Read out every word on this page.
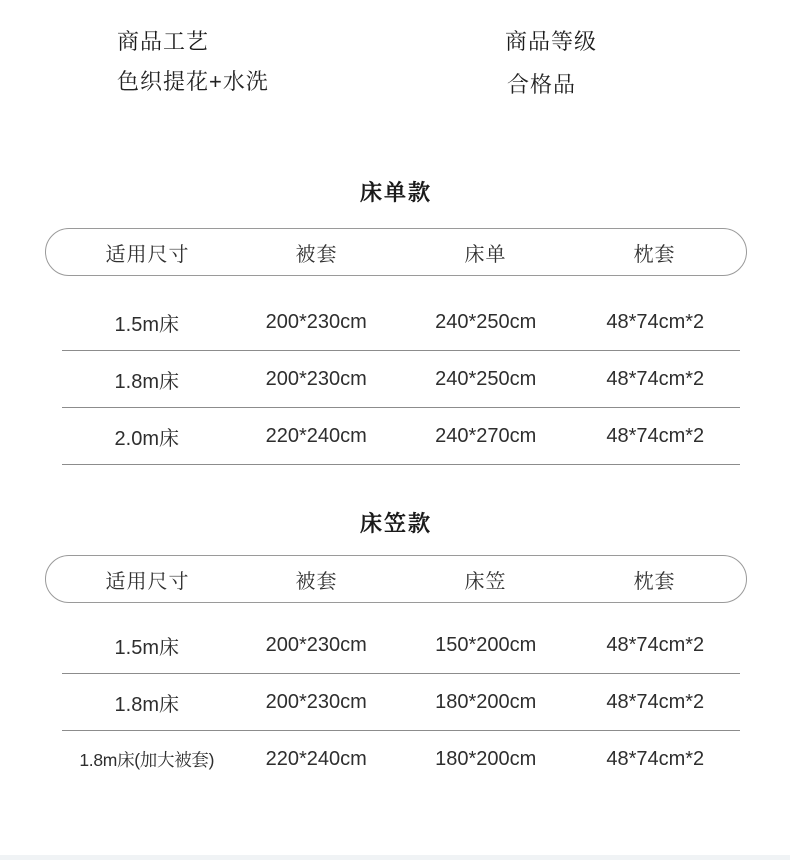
商品工艺
色织提花+水洗
商品等级
合格品
床单款
适用尺寸	被套	床单	枕套
1.5m床	200*230cm	240*250cm	48*74cm*2
1.8m床	200*230cm	240*250cm	48*74cm*2
2.0m床	220*240cm	240*270cm	48*74cm*2
床笠款
适用尺寸	被套	床笠	枕套
1.5m床	200*230cm	150*200cm	48*74cm*2
1.8m床	200*230cm	180*200cm	48*74cm*2
1.8m床(加大被套)	220*240cm	180*200cm	48*74cm*2
